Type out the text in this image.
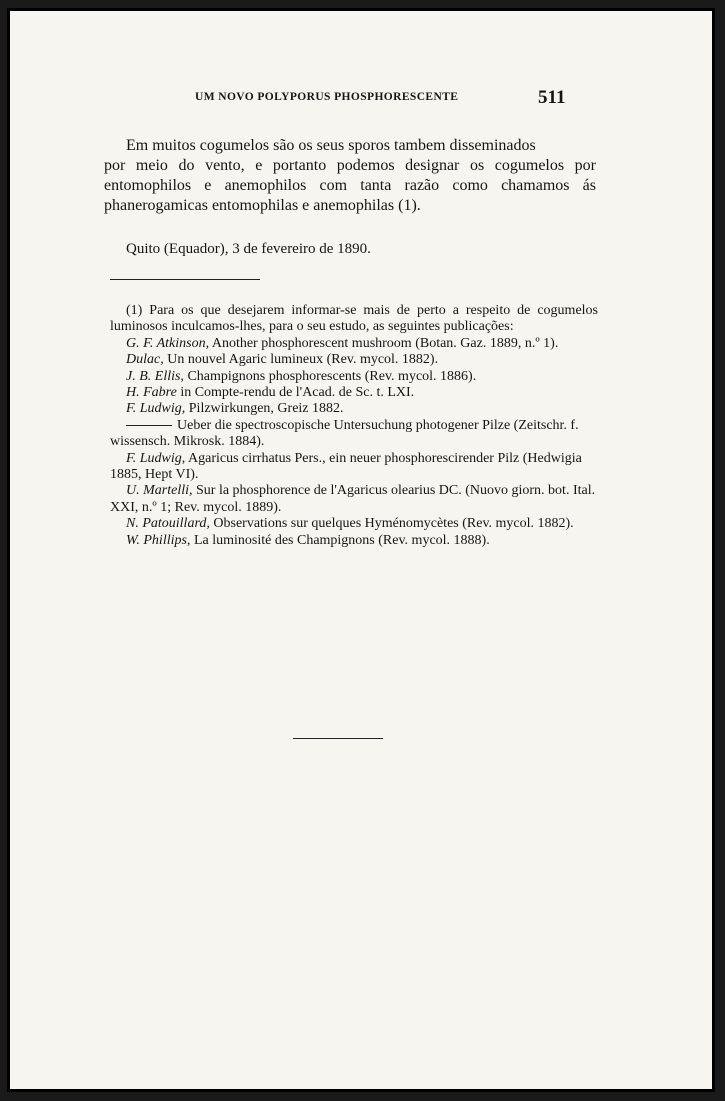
UM NOVO POLYPORUS PHOSPHORESCENTE	511

Em muitos cogumelos são os seus sporos tambem disseminados
por meio do vento, e portanto podemos designar os cogumelos por entomophilos e anemophilos com tanta razão como chamamos ás phanerogamicas entomophilas e anemophilas (1).

Quito (Equador), 3 de fevereiro de 1890.

(1) Para os que desejarem informar-se mais de perto a respeito de cogumelos luminosos inculcamos-lhes, para o seu estudo, as seguintes publicações:

G. F. Atkinson, Another phosphorescent mushroom (Botan. Gaz. 1889, n.º 1).

Dulac, Un nouvel Agaric lumineux (Rev. mycol. 1882).

J. B. Ellis, Champignons phosphorescents (Rev. mycol. 1886).

H. Fabre in Compte-rendu de l'Acad. de Sc. t. LXI.

F. Ludwig, Pilzwirkungen, Greiz 1882.

Ueber die spectroscopische Untersuchung photogener Pilze (Zeitschr. f. wissensch. Mikrosk. 1884).

F. Ludwig, Agaricus cirrhatus Pers., ein neuer phosphorescirender Pilz (Hedwigia 1885, Hept VI).

U. Martelli, Sur la phosphorence de l'Agaricus olearius DC. (Nuovo giorn. bot. Ital. XXI, n.º 1; Rev. mycol. 1889).

N. Patouillard, Observations sur quelques Hyménomycètes (Rev. mycol. 1882).

W. Phillips, La luminosité des Champignons (Rev. mycol. 1888).
